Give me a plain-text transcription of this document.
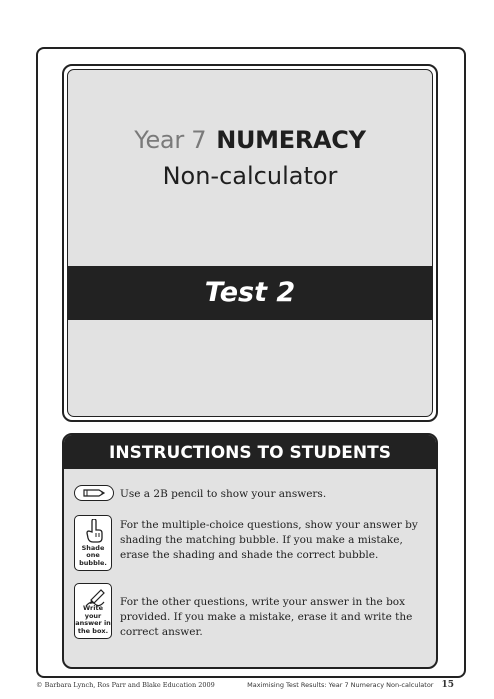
Year 7 NUMERACY
Non-calculator
Test 2
INSTRUCTIONS TO STUDENTS
Use a 2B pencil to show your answers.
Shade one bubble.
For the multiple-choice questions, show your answer by shading the matching bubble. If you make a mistake, erase the shading and shade the correct bubble.
Write your answer in the box.
For the other questions, write your answer in the box provided. If you make a mistake, erase it and write the correct answer.
© Barbara Lynch, Ros Parr and Blake Education 2009	Maximising Test Results: Year 7 Numeracy Non-calculator 15
